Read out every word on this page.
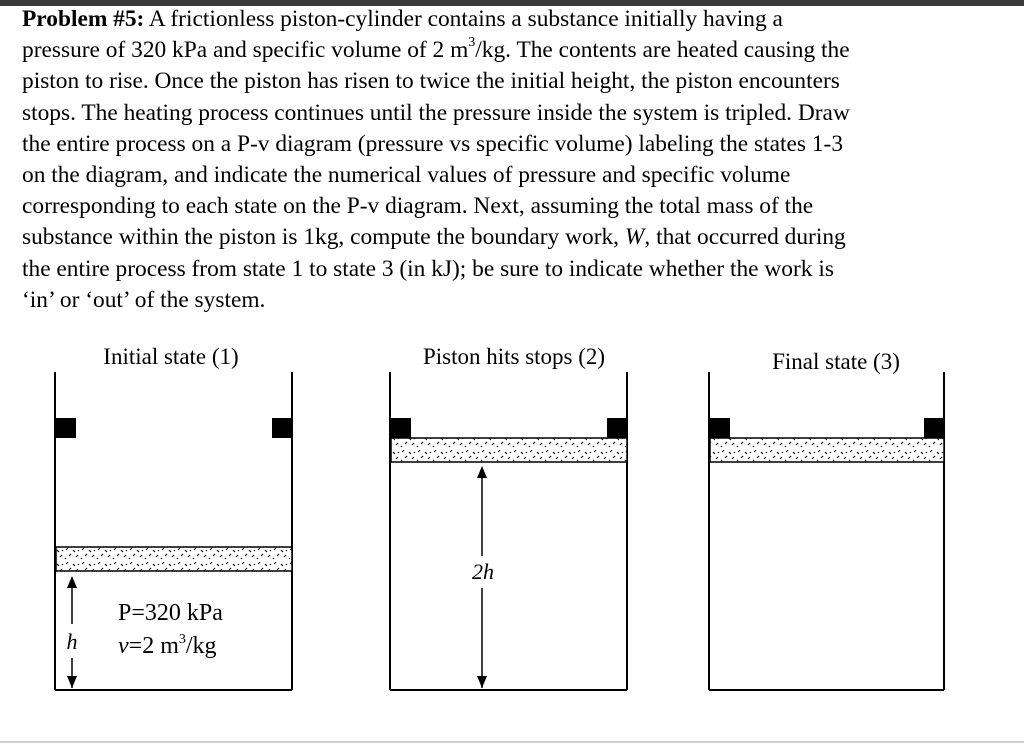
Problem #5: A frictionless piston-cylinder contains a substance initially having a
pressure of 320 kPa and specific volume of 2 $m^3/kg$. The contents are heated causing the
piston to rise. Once the piston has risen to twice the initial height, the piston encounters
stops. The heating process continues until the pressure inside the system is tripled. Draw
the entire process on a P-v diagram (pressure vs specific volume) labeling the states 1-3
on the diagram, and indicate the numerical values of pressure and specific volume
corresponding to each state on the P-v diagram. Next, assuming the total mass of the
substance within the piston is 1kg, compute the boundary work, W, that occurred during
the entire process from state 1 to state 3 (in kJ); be sure to indicate whether the work is
‘in’ or ‘out’ of the system.
Initial state (1)
h
P=320 kPa
v=2 $m^3/kg$
Piston hits stops (2)
2h
Final state (3)
